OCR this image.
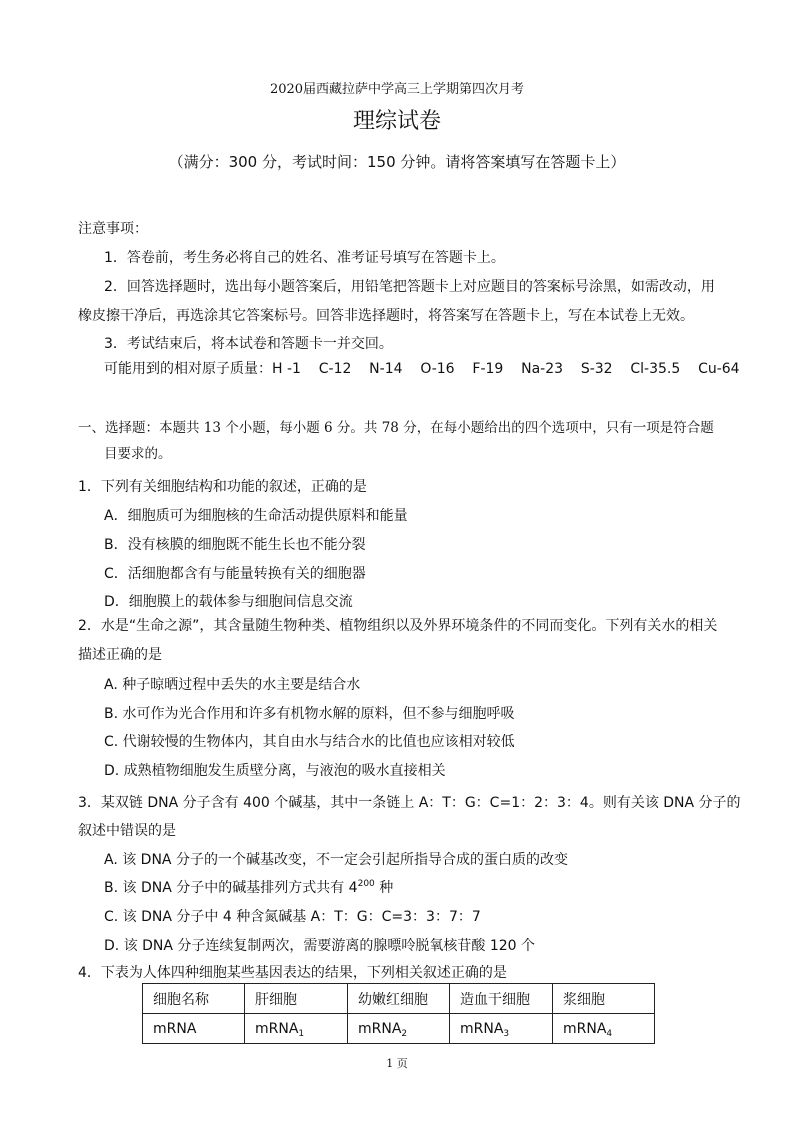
2020届西藏拉萨中学高三上学期第四次月考
理综试卷
（满分：300 分，考试时间：150 分钟。请将答案填写在答题卡上）
注意事项：
1．答卷前，考生务必将自己的姓名、准考证号填写在答题卡上。
2．回答选择题时，选出每小题答案后，用铅笔把答题卡上对应题目的答案标号涂黑，如需改动，用
橡皮擦干净后，再选涂其它答案标号。回答非选择题时，将答案写在答题卡上，写在本试卷上无效。
3．考试结束后，将本试卷和答题卡一并交回。
可能用到的相对原子质量：H -1    C-12    N-14    O-16    F-19    Na-23    S-32    Cl-35.5    Cu-64
一、选择题：本题共 13 个小题，每小题 6 分。共 78 分，在每小题给出的四个选项中，只有一项是符合题
目要求的。
1．下列有关细胞结构和功能的叙述，正确的是
A．细胞质可为细胞核的生命活动提供原料和能量
B．没有核膜的细胞既不能生长也不能分裂
C．活细胞都含有与能量转换有关的细胞器
D．细胞膜上的载体参与细胞间信息交流
2．水是“生命之源”，其含量随生物种类、植物组织以及外界环境条件的不同而变化。下列有关水的相关
描述正确的是
A. 种子晾晒过程中丢失的水主要是结合水
B. 水可作为光合作用和许多有机物水解的原料，但不参与细胞呼吸
C. 代谢较慢的生物体内，其自由水与结合水的比值也应该相对较低
D. 成熟植物细胞发生质壁分离，与液泡的吸水直接相关
3．某双链 DNA 分子含有 400 个碱基，其中一条链上 A：T：G：C=1：2：3：4。则有关该 DNA 分子的
叙述中错误的是
A. 该 DNA 分子的一个碱基改变，不一定会引起所指导合成的蛋白质的改变
B. 该 DNA 分子中的碱基排列方式共有 $4^{200}$ 种
C. 该 DNA 分子中 4 种含氮碱基 A：T：G：C=3：3：7：7
D. 该 DNA 分子连续复制两次，需要游离的腺嘌呤脱氧核苷酸 120 个
4．下表为人体四种细胞某些基因表达的结果，下列相关叙述正确的是
细胞名称	肝细胞	幼嫩红细胞	造血干细胞	浆细胞
mRNA	mRNA$_1$	mRNA$_2$	mRNA$_3$	mRNA$_4$
1 页
